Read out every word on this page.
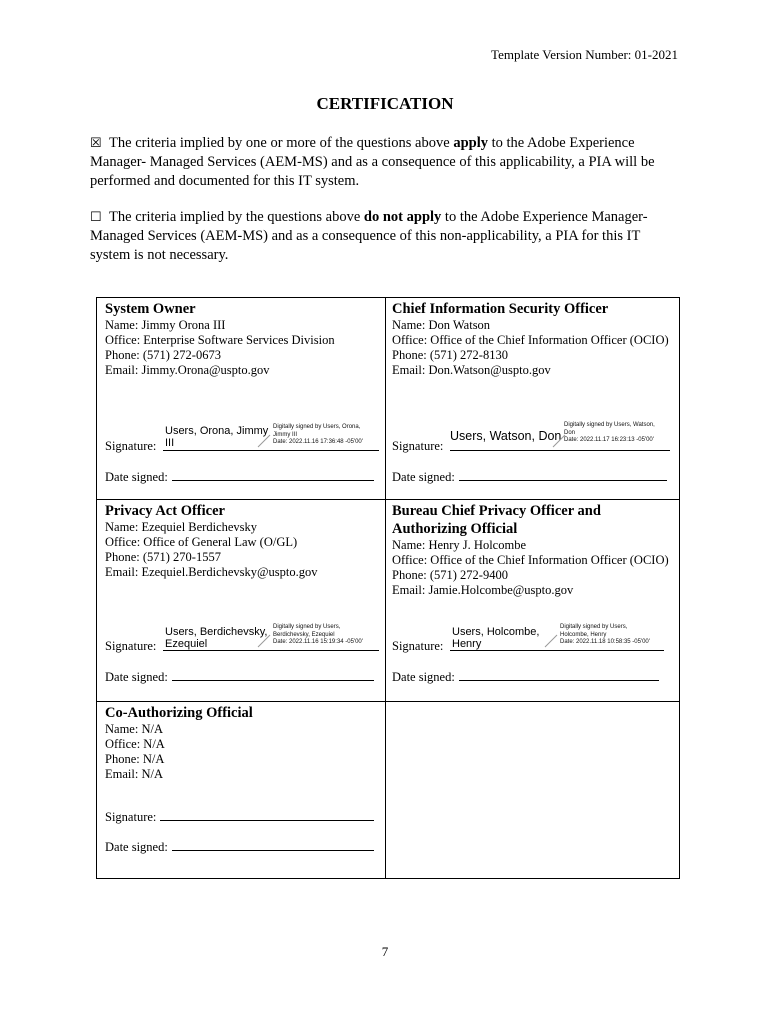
Template Version Number: 01-2021
CERTIFICATION
☒ The criteria implied by one or more of the questions above apply to the Adobe Experience Manager- Managed Services (AEM-MS) and as a consequence of this applicability, a PIA will be performed and documented for this IT system.
☐ The criteria implied by the questions above do not apply to the Adobe Experience Manager- Managed Services (AEM-MS) and as a consequence of this non-applicability, a PIA for this IT system is not necessary.
System Owner
Name: Jimmy Orona III
Office: Enterprise Software Services Division
Phone: (571) 272-0673
Email: Jimmy.Orona@uspto.gov
Signature:
Users, Orona, Jimmy
III
Digitally signed by Users, Orona,
Jimmy III
Date: 2022.11.16 17:36:48 -05'00'
Date signed:
Chief Information Security Officer
Name: Don Watson
Office: Office of the Chief Information Officer (OCIO)
Phone: (571) 272-8130
Email: Don.Watson@uspto.gov
Signature:
Users, Watson, Don
Digitally signed by Users, Watson,
Don
Date: 2022.11.17 16:23:13 -05'00'
Date signed:
Privacy Act Officer
Name: Ezequiel Berdichevsky
Office: Office of General Law (O/GL)
Phone: (571) 270-1557
Email: Ezequiel.Berdichevsky@uspto.gov
Signature:
Users, Berdichevsky,
Ezequiel
Digitally signed by Users,
Berdichevsky, Ezequiel
Date: 2022.11.16 15:19:34 -05'00'
Date signed:
Bureau Chief Privacy Officer and
Authorizing Official
Name: Henry J. Holcombe
Office: Office of the Chief Information Officer (OCIO)
Phone: (571) 272-9400
Email: Jamie.Holcombe@uspto.gov
Signature:
Users, Holcombe,
Henry
Digitally signed by Users,
Holcombe, Henry
Date: 2022.11.18 10:58:35 -05'00'
Date signed:
Co-Authorizing Official
Name: N/A
Office: N/A
Phone: N/A
Email: N/A
Signature:
Date signed:
7
